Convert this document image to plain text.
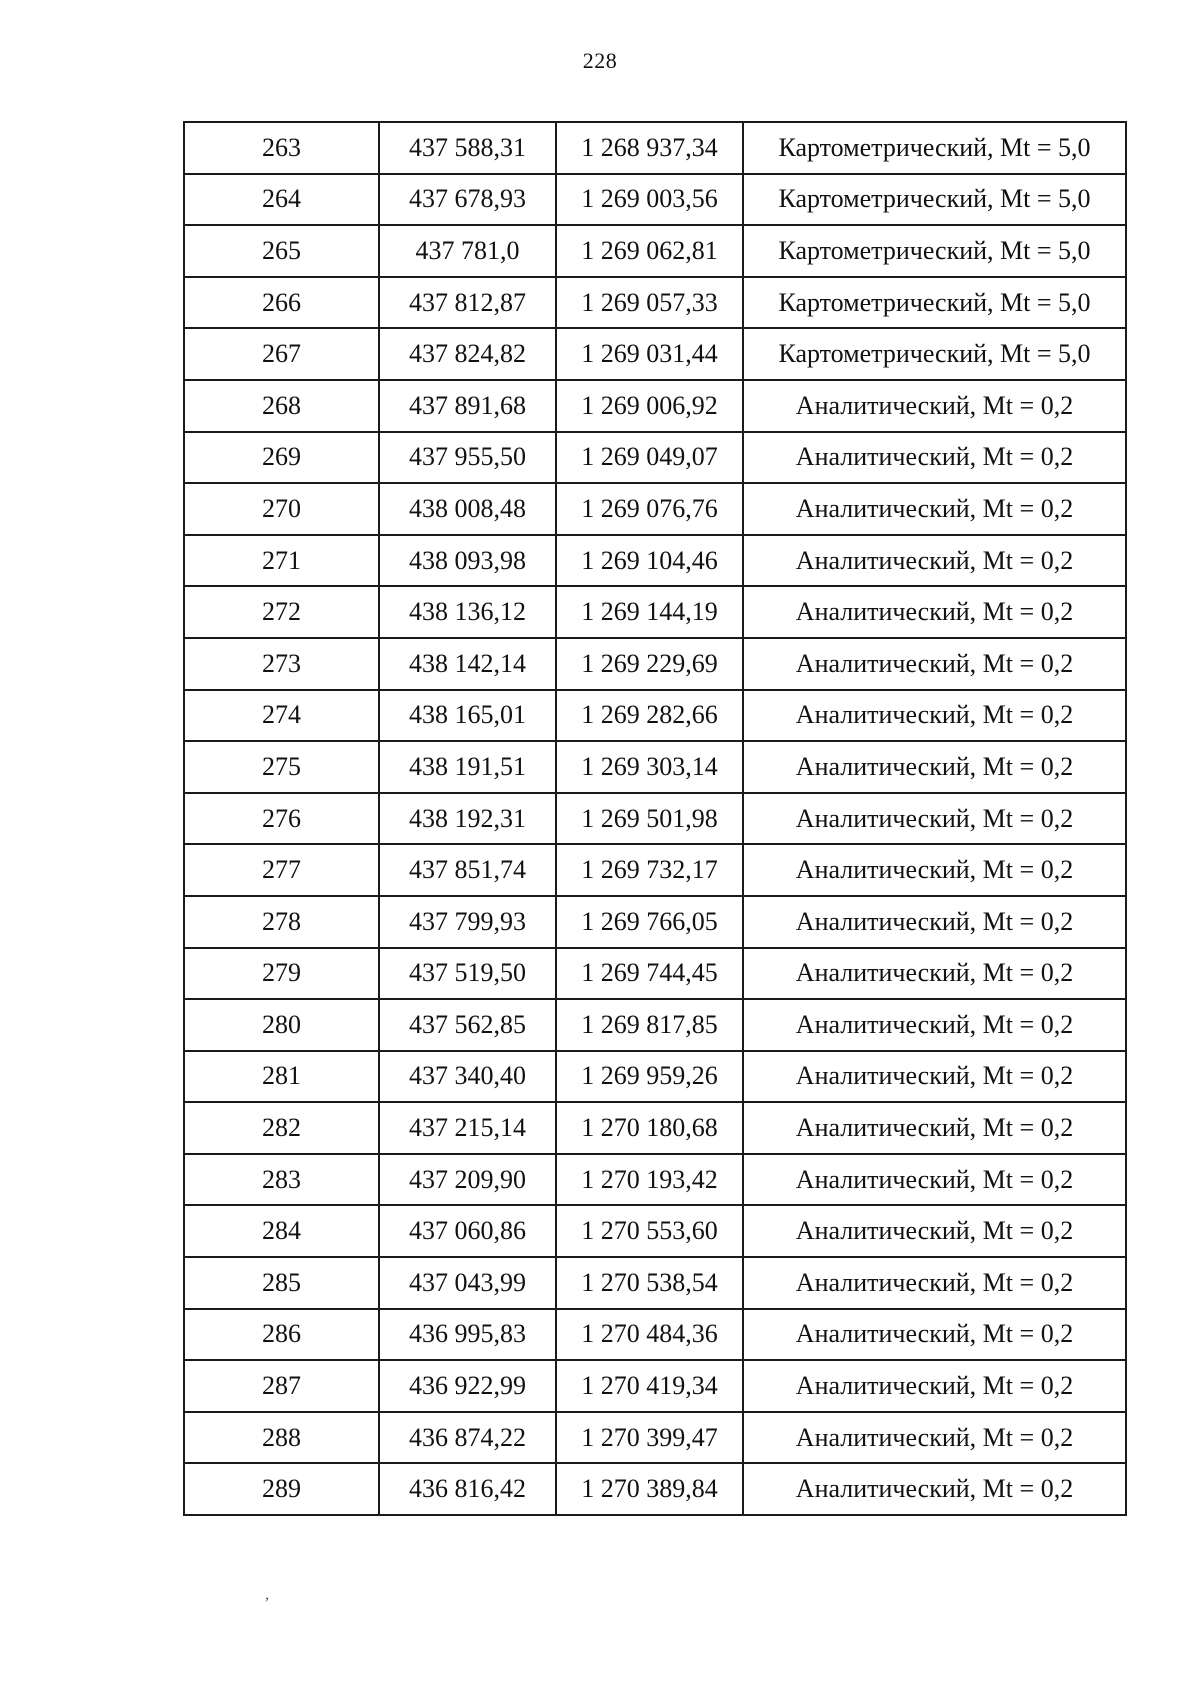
228
263	437 588,31	1 268 937,34	Картометрический, Mt = 5,0
264	437 678,93	1 269 003,56	Картометрический, Mt = 5,0
265	437 781,0	1 269 062,81	Картометрический, Mt = 5,0
266	437 812,87	1 269 057,33	Картометрический, Mt = 5,0
267	437 824,82	1 269 031,44	Картометрический, Mt = 5,0
268	437 891,68	1 269 006,92	Аналитический, Mt = 0,2
269	437 955,50	1 269 049,07	Аналитический, Mt = 0,2
270	438 008,48	1 269 076,76	Аналитический, Mt = 0,2
271	438 093,98	1 269 104,46	Аналитический, Mt = 0,2
272	438 136,12	1 269 144,19	Аналитический, Mt = 0,2
273	438 142,14	1 269 229,69	Аналитический, Mt = 0,2
274	438 165,01	1 269 282,66	Аналитический, Mt = 0,2
275	438 191,51	1 269 303,14	Аналитический, Mt = 0,2
276	438 192,31	1 269 501,98	Аналитический, Mt = 0,2
277	437 851,74	1 269 732,17	Аналитический, Mt = 0,2
278	437 799,93	1 269 766,05	Аналитический, Mt = 0,2
279	437 519,50	1 269 744,45	Аналитический, Mt = 0,2
280	437 562,85	1 269 817,85	Аналитический, Mt = 0,2
281	437 340,40	1 269 959,26	Аналитический, Mt = 0,2
282	437 215,14	1 270 180,68	Аналитический, Mt = 0,2
283	437 209,90	1 270 193,42	Аналитический, Mt = 0,2
284	437 060,86	1 270 553,60	Аналитический, Mt = 0,2
285	437 043,99	1 270 538,54	Аналитический, Mt = 0,2
286	436 995,83	1 270 484,36	Аналитический, Mt = 0,2
287	436 922,99	1 270 419,34	Аналитический, Mt = 0,2
288	436 874,22	1 270 399,47	Аналитический, Mt = 0,2
289	436 816,42	1 270 389,84	Аналитический, Mt = 0,2
,
